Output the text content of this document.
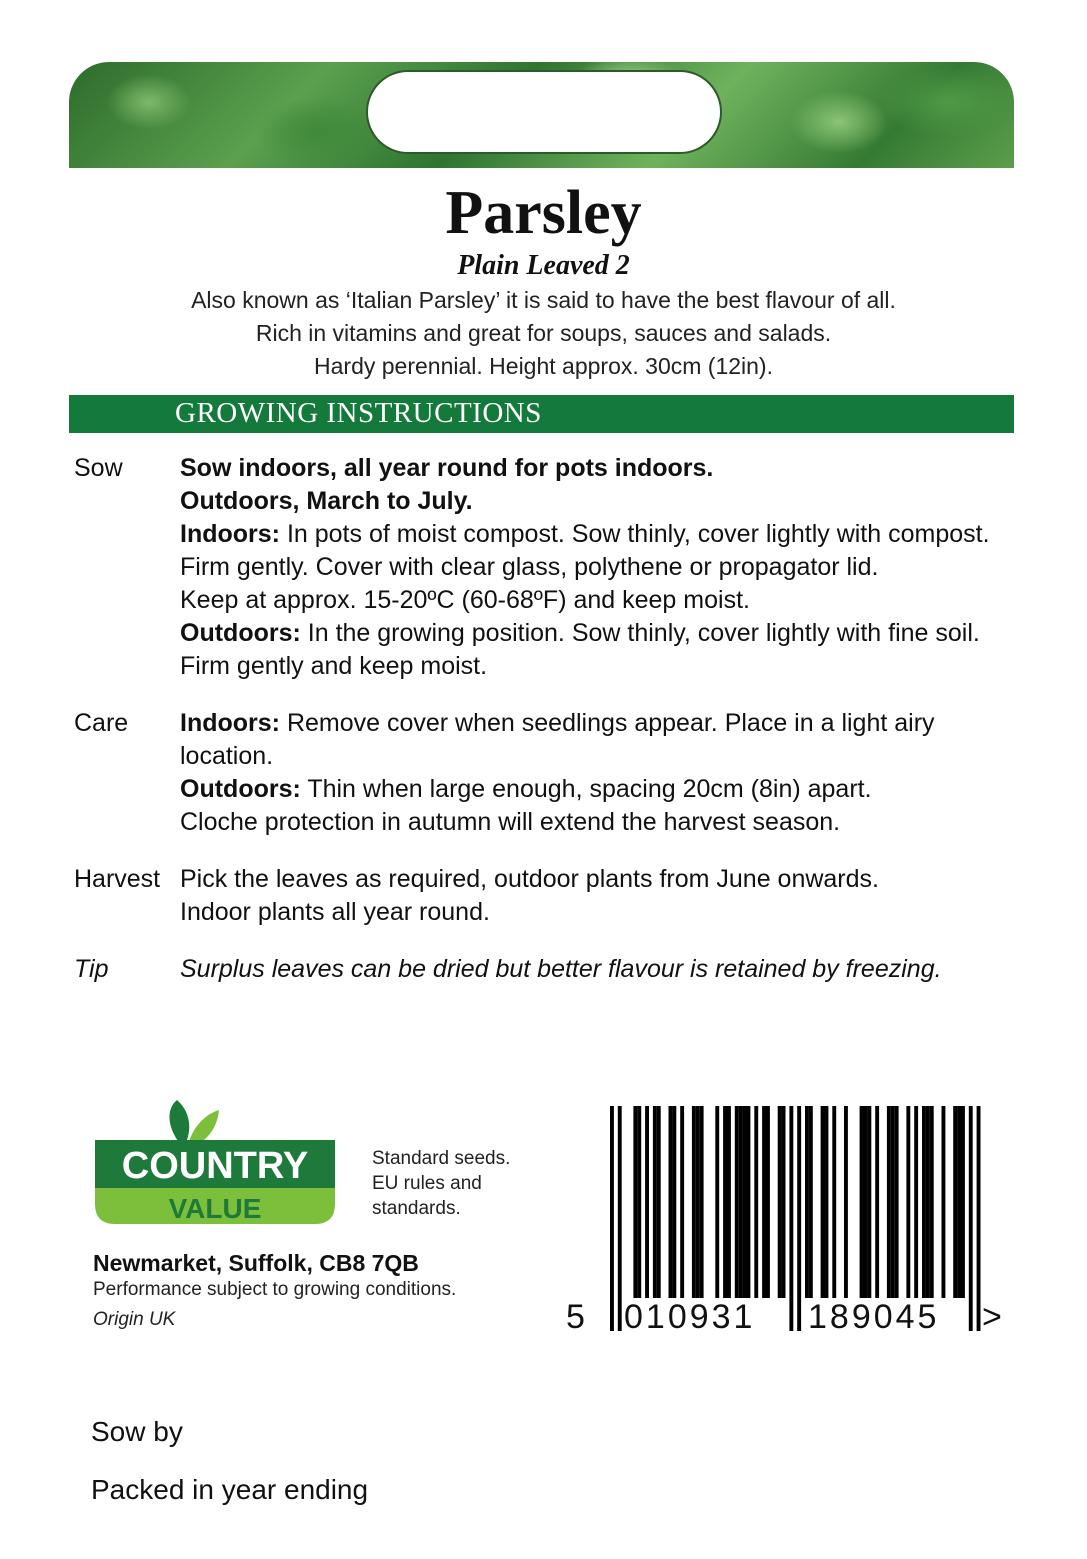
Parsley
Plain Leaved 2
Also known as ‘Italian Parsley’ it is said to have the best flavour of all.
Rich in vitamins and great for soups, sauces and salads.
Hardy perennial. Height approx. 30cm (12in).
GROWING INSTRUCTIONS
Sow	Sow indoors, all year round for pots indoors.
Outdoors, March to July.
Indoors: In pots of moist compost. Sow thinly, cover lightly with compost.
Firm gently. Cover with clear glass, polythene or propagator lid.
Keep at approx. 15-20ºC (60-68ºF) and keep moist.
Outdoors: In the growing position. Sow thinly, cover lightly with fine soil.
Firm gently and keep moist.
Care	Indoors: Remove cover when seedlings appear. Place in a light airy
location.
Outdoors: Thin when large enough, spacing 20cm (8in) apart.
Cloche protection in autumn will extend the harvest season.
Harvest Pick the leaves as required, outdoor plants from June onwards.
Indoor plants all year round.
Tip	Surplus leaves can be dried but better flavour is retained by freezing.
COUNTRY
VALUE
Standard seeds.
EU rules and
standards.
Newmarket, Suffolk, CB8 7QB
Performance subject to growing conditions.
Origin UK	5 010931 189045 >
Sow by
Packed in year ending
